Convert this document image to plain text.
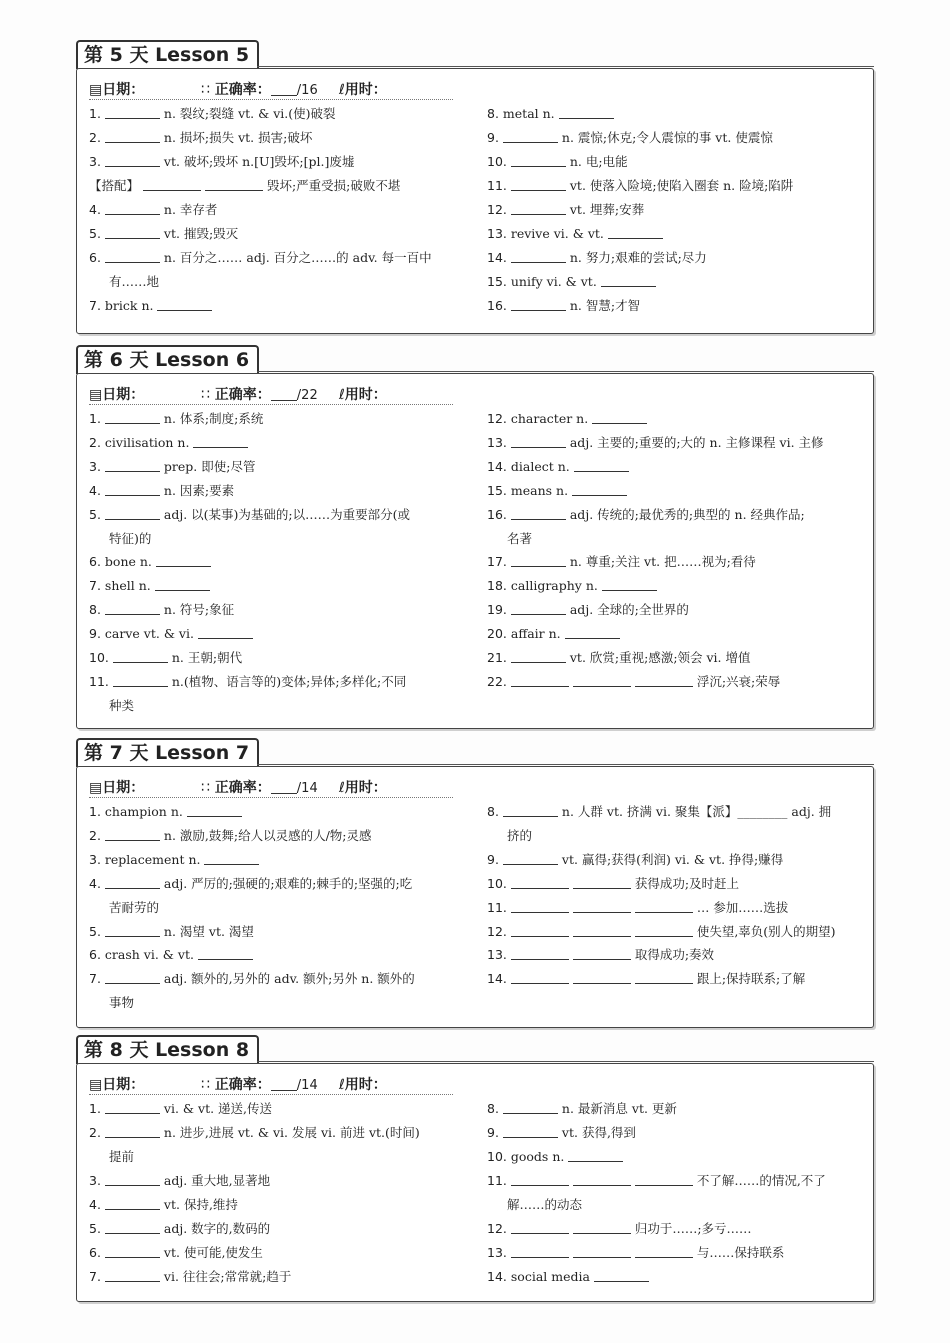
第 5 天 Lesson 5
▤日期：	∷ 正确率： /16 ℓ用时：
1.	n. 裂纹;裂缝 vt. & vi.(使)破裂
2.	n. 损坏;损失 vt. 损害;破坏
3.	vt. 破坏;毁坏 n.[U]毁坏;[pl.]废墟
【搭配】	毁坏;严重受损;破败不堪
4.	n. 幸存者
5.	vt. 摧毁;毁灭
6.	n. 百分之…… adj. 百分之……的 adv. 每一百中
有……地
7. brick n.
8. metal n.
9.	n. 震惊;休克;令人震惊的事 vt. 使震惊
10.	n. 电;电能
11.	vt. 使落入险境;使陷入圈套 n. 险境;陷阱
12.	vt. 埋葬;安葬
13. revive vi. & vt.
14.	n. 努力;艰难的尝试;尽力
15. unify vi. & vt.
16.	n. 智慧;才智
第 6 天 Lesson 6
▤日期：	∷ 正确率： /22 ℓ用时：
1.	n. 体系;制度;系统
2. civilisation n.
3.	prep. 即使;尽管
4.	n. 因素;要素
5.	adj. 以(某事)为基础的;以……为重要部分(或
特征)的
6. bone n.
7. shell n.
8.	n. 符号;象征
9. carve vt. & vi.
10.	n. 王朝;朝代
11.	n.(植物、语言等的)变体;异体;多样化;不同
种类
12. character n.
13.	adj. 主要的;重要的;大的 n. 主修课程 vi. 主修
14. dialect n.
15. means n.
16.	adj. 传统的;最优秀的;典型的 n. 经典作品;
名著
17.	n. 尊重;关注 vt. 把……视为;看待
18. calligraphy n.
19.	adj. 全球的;全世界的
20. affair n.
21.	vt. 欣赏;重视;感激;领会 vi. 增值
22.	浮沉;兴衰;荣辱
第 7 天 Lesson 7
▤日期：	∷ 正确率： /14 ℓ用时：
1. champion n.
2.	n. 激励,鼓舞;给人以灵感的人/物;灵感
3. replacement n.
4.	adj. 严厉的;强硬的;艰难的;棘手的;坚强的;吃
苦耐劳的
5.	n. 渴望 vt. 渴望
6. crash vi. & vt.
7.	adj. 额外的,另外的 adv. 额外;另外 n. 额外的
事物
8.	n. 人群 vt. 挤满 vi. 聚集【派】________ adj. 拥
挤的
9.	vt. 赢得;获得(利润) vi. & vt. 挣得;赚得
10.	获得成功;及时赶上
11.	… 参加……选拔
12.	使失望,辜负(别人的期望)
13.	取得成功;奏效
14.	跟上;保持联系;了解
第 8 天 Lesson 8
▤日期：	∷ 正确率： /14 ℓ用时：
1.	vi. & vt. 递送,传送
2.	n. 进步,进展 vt. & vi. 发展 vi. 前进 vt.(时间)
提前
3.	adj. 重大地,显著地
4.	vt. 保持,维持
5.	adj. 数字的,数码的
6.	vt. 使可能,使发生
7.	vi. 往往会;常常就;趋于
8.	n. 最新消息 vt. 更新
9.	vt. 获得,得到
10. goods n.
11.	不了解……的情况,不了
解……的动态
12.	归功于……;多亏……
13.	与……保持联系
14. social media
